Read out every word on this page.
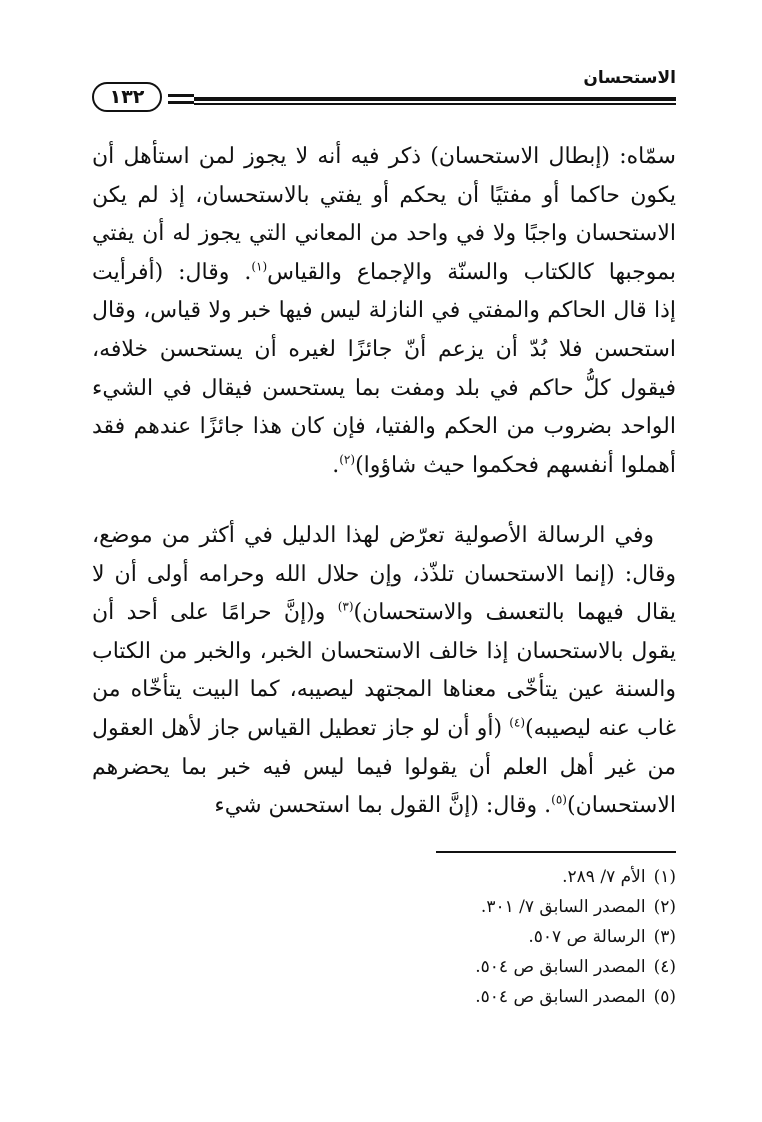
الاستحسان
١٣٢

سمّاه: (إبطال الاستحسان) ذكر فيه أنه لا يجوز لمن استأهل أن

يكون حاكما أو مفتيًا أن يحكم أو يفتي بالاستحسان، إذ لم يكن

الاستحسان واجبًا ولا في واحد من المعاني التي يجوز له أن يفتي

بموجبها كالكتاب والسنّة والإجماع والقياس$^{(١)}$. وقال: (أفرأيت

إذا قال الحاكم والمفتي في النازلة ليس فيها خبر ولا قياس، وقال

استحسن فلا بُدّ أن يزعم أنّ جائزًا لغيره أن يستحسن خلافه،

فيقول كلُّ حاكم في بلد ومفت بما يستحسن فيقال في الشيء

الواحد بضروب من الحكم والفتيا، فإن كان هذا جائزًا عندهم فقد

أهملوا أنفسهم فحكموا حيث شاؤوا)$^{(٢)}$.

وفي الرسالة الأصولية تعرّض لهذا الدليل في أكثر من موضع، وقال: (إنما الاستحسان تلذّذ، وإن حلال الله وحرامه أولى أن لا يقال فيهما بالتعسف والاستحسان)$^{(٣)}$ و(إنَّ حرامًا على أحد أن يقول بالاستحسان إذا خالف الاستحسان الخبر، والخبر من الكتاب والسنة عين يتأخّى معناها المجتهد ليصيبه، كما البيت يتأخّاه من غاب عنه ليصيبه)$^{(٤)}$ (أو أن لو جاز تعطيل القياس جاز لأهل العقول من غير أهل العلم أن يقولوا فيما ليس فيه خبر بما يحضرهم الاستحسان)$^{(٥)}$. وقال: (إنَّ القول بما استحسن شيء

(١)الأم ٧/ ٢٨٩.
(٢)المصدر السابق ٧/ ٣٠١.
(٣)الرسالة ص ٥٠٧.
(٤)المصدر السابق ص ٥٠٤.
(٥)المصدر السابق ص ٥٠٤.
